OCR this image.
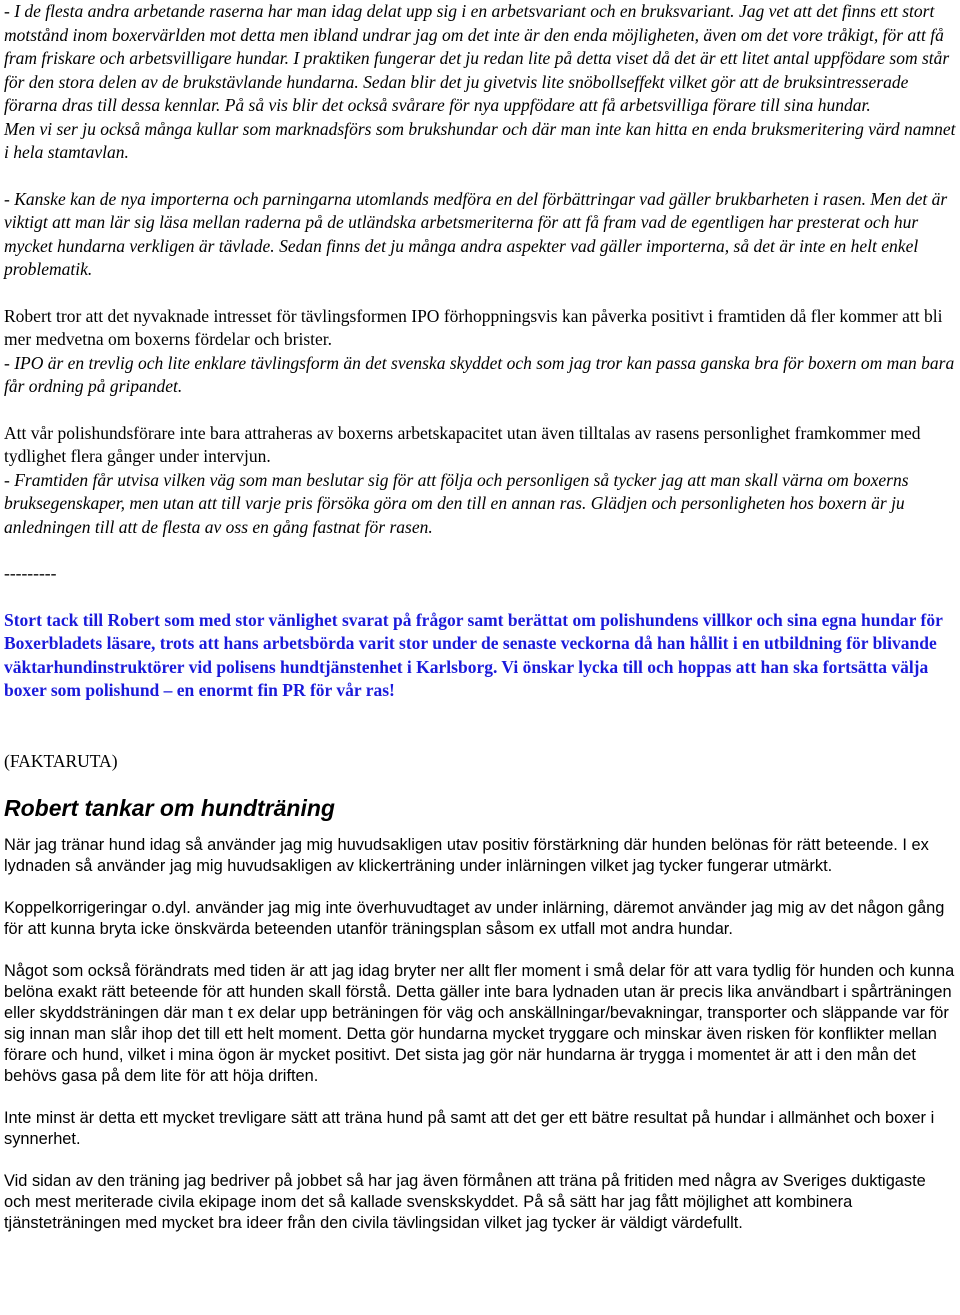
- I de flesta andra arbetande raserna har man idag delat upp sig i en arbetsvariant och en bruksvariant. Jag vet att det finns ett stort motstånd inom boxervärlden mot detta men ibland undrar jag om det inte är den enda möjligheten, även om det vore tråkigt, för att få fram friskare och arbetsvilligare hundar. I praktiken fungerar det ju redan lite på detta viset då det är ett litet antal uppfödare som står för den stora delen av de brukstävlande hundarna. Sedan blir det ju givetvis lite snöbollseffekt vilket gör att de bruksintresserade förarna dras till dessa kennlar. På så vis blir det också svårare för nya uppfödare att få arbetsvilliga förare till sina hundar.

Men vi ser ju också många kullar som marknadsförs som brukshundar och där man inte kan hitta en enda bruksmeritering värd namnet i hela stamtavlan.

- Kanske kan de nya importerna och parningarna utomlands medföra en del förbättringar vad gäller brukbarheten i rasen. Men det är viktigt att man lär sig läsa mellan raderna på de utländska arbetsmeriterna för att få fram vad de egentligen har presterat och hur mycket hundarna verkligen är tävlade. Sedan finns det ju många andra aspekter vad gäller importerna, så det är inte en helt enkel problematik.

Robert tror att det nyvaknade intresset för tävlingsformen IPO förhoppningsvis kan påverka positivt i framtiden då fler kommer att bli mer medvetna om boxerns fördelar och brister.

- IPO är en trevlig och lite enklare tävlingsform än det svenska skyddet och som jag tror kan passa ganska bra för boxern om man bara får ordning på gripandet.

Att vår polishundsförare inte bara attraheras av boxerns arbetskapacitet utan även tilltalas av rasens personlighet framkommer med tydlighet flera gånger under intervjun.

- Framtiden får utvisa vilken väg som man beslutar sig för att följa och personligen så tycker jag att man skall värna om boxerns bruksegenskaper, men utan att till varje pris försöka göra om den till en annan ras. Glädjen och personligheten hos boxern är ju anledningen till att de flesta av oss en gång fastnat för rasen.

---------

Stort tack till Robert som med stor vänlighet svarat på frågor samt berättat om polishundens villkor och sina egna hundar för Boxerbladets läsare, trots att hans arbetsbörda varit stor under de senaste veckorna då han hållit i en utbildning för blivande väktarhundinstruktörer vid polisens hundtjänstenhet i Karlsborg. Vi önskar lycka till och hoppas att han ska fortsätta välja boxer som polishund – en enormt fin PR för vår ras!

(FAKTARUTA)

Robert tankar om hundträning

När jag tränar hund idag så använder jag mig huvudsakligen utav positiv förstärkning där hunden belönas för rätt beteende. I ex lydnaden så använder jag mig huvudsakligen av klickerträning under inlärningen vilket jag tycker fungerar utmärkt.

Koppelkorrigeringar o.dyl. använder jag mig inte överhuvudtaget av under inlärning, däremot använder jag mig av det någon gång för att kunna bryta icke önskvärda beteenden utanför träningsplan såsom ex utfall mot andra hundar.

Något som också förändrats med tiden är att jag idag bryter ner allt fler moment i små delar för att vara tydlig för hunden och kunna belöna exakt rätt beteende för att hunden skall förstå. Detta gäller inte bara lydnaden utan är precis lika användbart i spårträningen eller skyddsträningen där man t ex delar upp beträningen för väg och anskällningar/bevakningar, transporter och släppande var för sig innan man slår ihop det till ett helt moment. Detta gör hundarna mycket tryggare och minskar även risken för konflikter mellan förare och hund, vilket i mina ögon är mycket positivt. Det sista jag gör när hundarna är trygga i momentet är att i den mån det behövs gasa på dem lite för att höja driften.

Inte minst är detta ett mycket trevligare sätt att träna hund på samt att det ger ett bätre resultat på hundar i allmänhet och boxer i synnerhet.

Vid sidan av den träning jag bedriver på jobbet så har jag även förmånen att träna på fritiden med några av Sveriges duktigaste och mest meriterade civila ekipage inom det så kallade svenskskyddet. På så sätt har jag fått möjlighet att kombinera tjänsteträningen med mycket bra ideer från den civila tävlingsidan vilket jag tycker är väldigt värdefullt.
